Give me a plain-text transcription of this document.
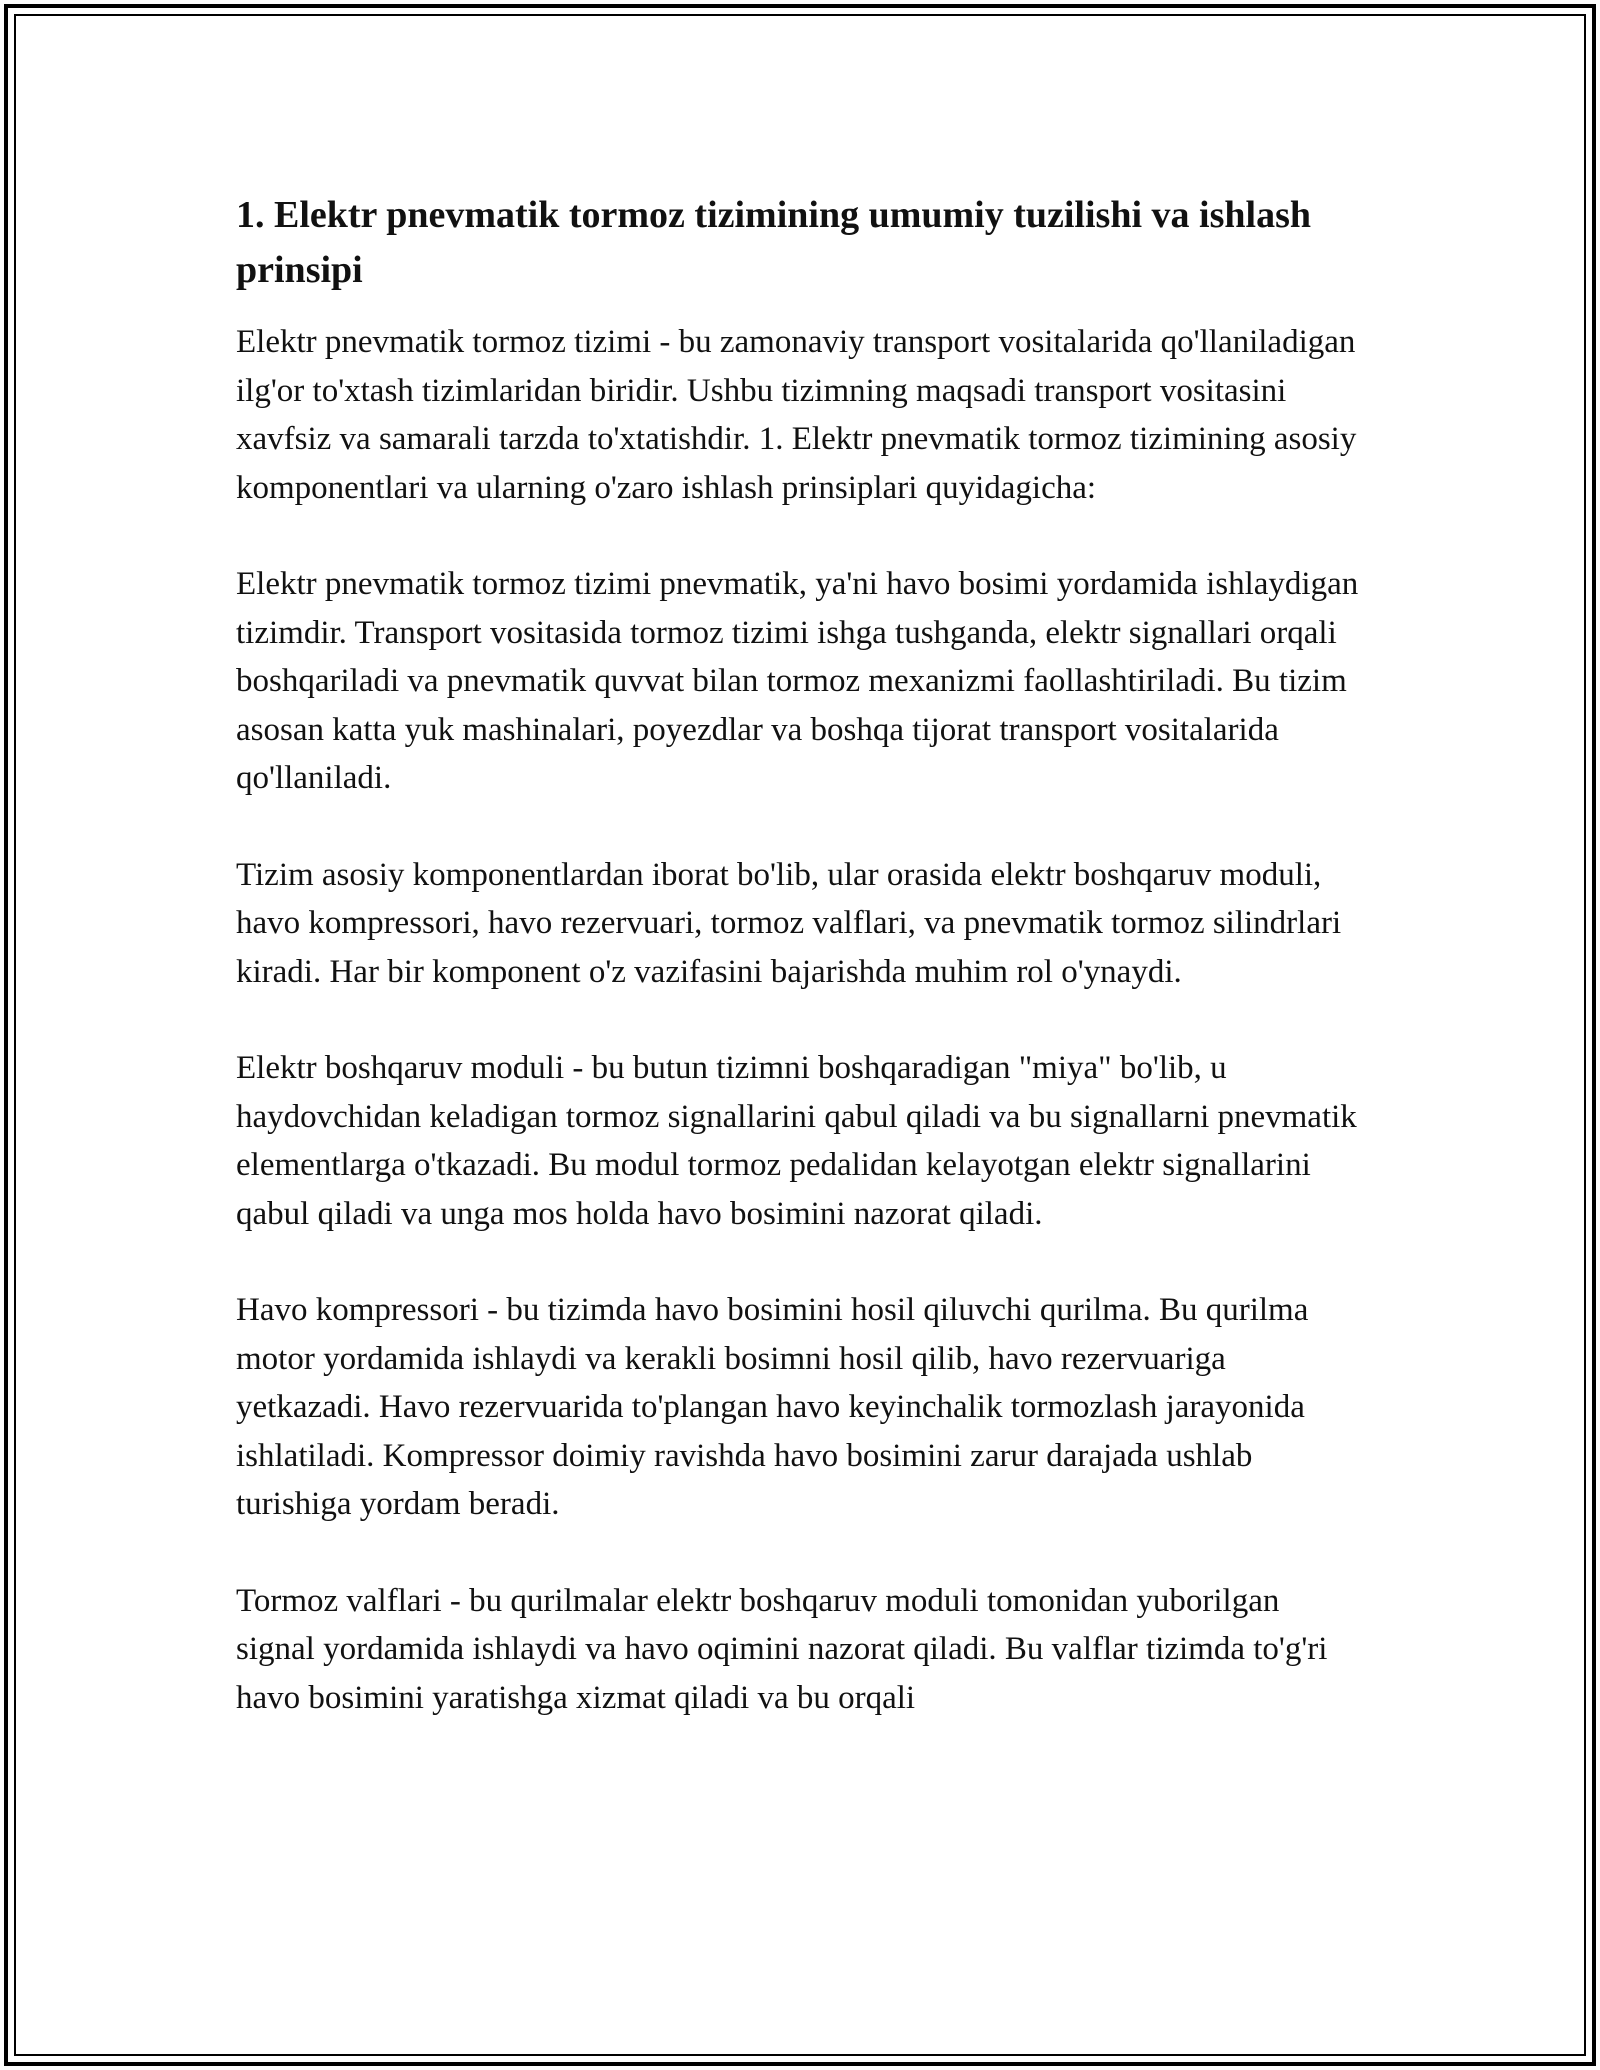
1. Elektr pnevmatik tormoz tizimining umumiy tuzilishi va ishlash prinsipi

Elektr pnevmatik tormoz tizimi - bu zamonaviy transport vositalarida qo'llaniladigan ilg'or to'xtash tizimlaridan biridir. Ushbu tizimning maqsadi transport vositasini xavfsiz va samarali tarzda to'xtatishdir. 1. Elektr pnevmatik tormoz tizimining asosiy komponentlari va ularning o'zaro ishlash prinsiplari quyidagicha:

Elektr pnevmatik tormoz tizimi pnevmatik, ya'ni havo bosimi yordamida ishlaydigan tizimdir. Transport vositasida tormoz tizimi ishga tushganda, elektr signallari orqali boshqariladi va pnevmatik quvvat bilan tormoz mexanizmi faollashtiriladi. Bu tizim asosan katta yuk mashinalari, poyezdlar va boshqa tijorat transport vositalarida qo'llaniladi.

Tizim asosiy komponentlardan iborat bo'lib, ular orasida elektr boshqaruv moduli, havo kompressori, havo rezervuari, tormoz valflari, va pnevmatik tormoz silindrlari kiradi. Har bir komponent o'z vazifasini bajarishda muhim rol o'ynaydi.

Elektr boshqaruv moduli - bu butun tizimni boshqaradigan "miya" bo'lib, u haydovchidan keladigan tormoz signallarini qabul qiladi va bu signallarni pnevmatik elementlarga o'tkazadi. Bu modul tormoz pedalidan kelayotgan elektr signallarini qabul qiladi va unga mos holda havo bosimini nazorat qiladi.

Havo kompressori - bu tizimda havo bosimini hosil qiluvchi qurilma. Bu qurilma motor yordamida ishlaydi va kerakli bosimni hosil qilib, havo rezervuariga yetkazadi. Havo rezervuarida to'plangan havo keyinchalik tormozlash jarayonida ishlatiladi. Kompressor doimiy ravishda havo bosimini zarur darajada ushlab turishiga yordam beradi.

Tormoz valflari - bu qurilmalar elektr boshqaruv moduli tomonidan yuborilgan signal yordamida ishlaydi va havo oqimini nazorat qiladi. Bu valflar tizimda to'g'ri havo bosimini yaratishga xizmat qiladi va bu orqali
